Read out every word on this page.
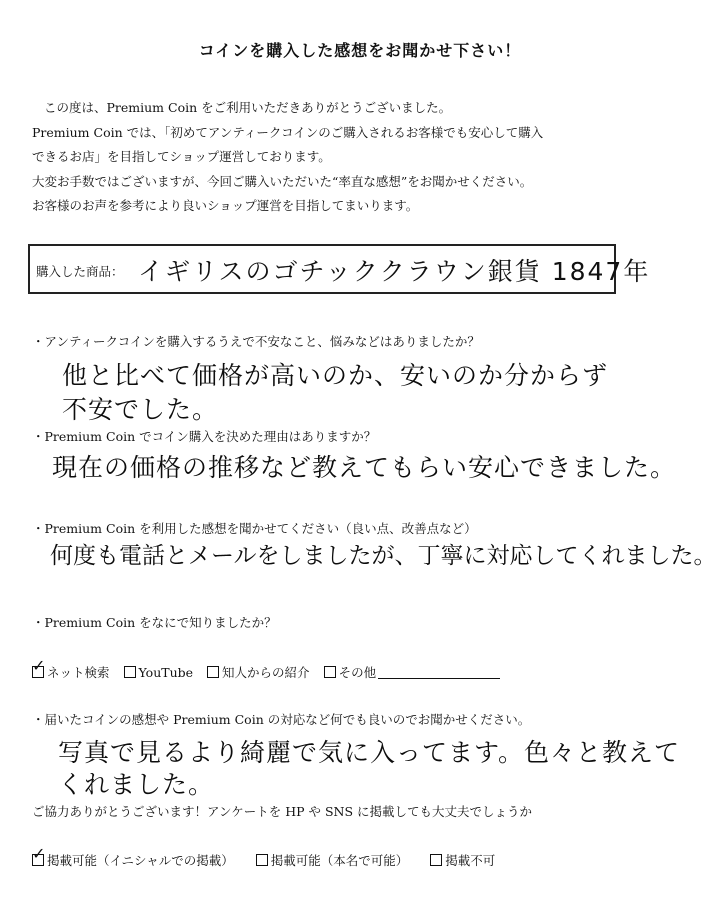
コインを購入した感想をお聞かせ下さい！
この度は、Premium Coin をご利用いただきありがとうございました。
Premium Coin では、「初めてアンティークコインのご購入されるお客様でも安心して購入
できるお店」を目指してショップ運営しております。
大変お手数ではございますが、今回ご購入いただいた“率直な感想”をお聞かせください。
お客様のお声を参考により良いショップ運営を目指してまいります。
購入した商品： イギリスのゴチッククラウン銀貨 1847年
・アンティークコインを購入するうえで不安なこと、悩みなどはありましたか？
他と比べて価格が高いのか、安いのか分からず
不安でした。
・Premium Coin でコイン購入を決めた理由はありますか？
現在の価格の推移など教えてもらい安心できました。
・Premium Coin を利用した感想を聞かせてください（良い点、改善点など）
何度も電話とメールをしましたが、丁寧に対応してくれました。
・Premium Coin をなにで知りましたか？
✓
ネット検索 YouTube 知人からの紹介 その他
・届いたコインの感想や Premium Coin の対応など何でも良いのでお聞かせください。
写真で見るより綺麗で気に入ってます。色々と教えて
くれました。
ご協力ありがとうございます！アンケートを HP や SNS に掲載しても大丈夫でしょうか
✓
掲載可能（イニシャルでの掲載）	掲載可能（本名で可能）	掲載不可
